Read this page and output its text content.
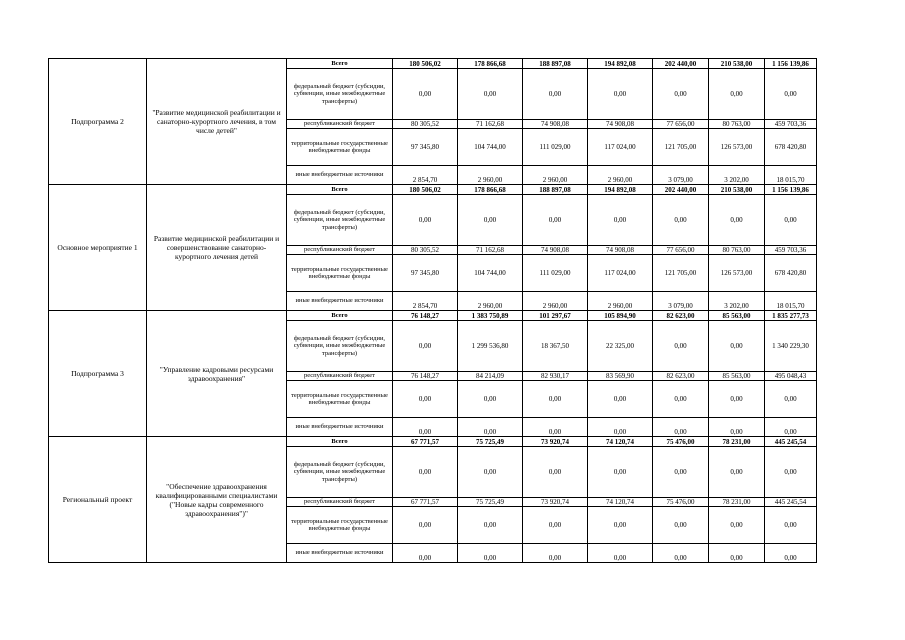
Подпрограмма 2	"Развитие медицинской реабилитации и санаторно-курортного лечения, в том числе детей"	Всего	180 506,02	178 866,68	188 897,08	194 892,08	202 440,00	210 538,00	1 156 139,86
		федеральный бюджет (субсидии, субвенции, иные межбюджетные трансферты)	0,00	0,00	0,00	0,00	0,00	0,00	0,00
		республиканский бюджет	80 305,52	71 162,68	74 908,08	74 908,08	77 656,00	80 763,00	459 703,36
		территориальные государственные внебюджетные фонды	97 345,80	104 744,00	111 029,00	117 024,00	121 705,00	126 573,00	678 420,80
		иные внебюджетные источники	2 854,70	2 960,00	2 960,00	2 960,00	3 079,00	3 202,00	18 015,70
Основное мероприятие 1	Развитие медицинской реабилитации и совершенствование санаторно-курортного лечения детей	Всего	180 506,02	178 866,68	188 897,08	194 892,08	202 440,00	210 538,00	1 156 139,86
		федеральный бюджет (субсидии, субвенции, иные межбюджетные трансферты)	0,00	0,00	0,00	0,00	0,00	0,00	0,00
		республиканский бюджет	80 305,52	71 162,68	74 908,08	74 908,08	77 656,00	80 763,00	459 703,36
		территориальные государственные внебюджетные фонды	97 345,80	104 744,00	111 029,00	117 024,00	121 705,00	126 573,00	678 420,80
		иные внебюджетные источники	2 854,70	2 960,00	2 960,00	2 960,00	3 079,00	3 202,00	18 015,70
Подпрограмма 3	"Управление кадровыми ресурсами здравоохранения"	Всего	76 148,27	1 383 750,89	101 297,67	105 894,90	82 623,00	85 563,00	1 835 277,73
		федеральный бюджет (субсидии, субвенции, иные межбюджетные трансферты)	0,00	1 299 536,80	18 367,50	22 325,00	0,00	0,00	1 340 229,30
		республиканский бюджет	76 148,27	84 214,09	82 930,17	83 569,90	82 623,00	85 563,00	495 048,43
		территориальные государственные внебюджетные фонды	0,00	0,00	0,00	0,00	0,00	0,00	0,00
		иные внебюджетные источники	0,00	0,00	0,00	0,00	0,00	0,00	0,00
Региональный проект	"Обеспечение здравоохранения квалифицированными специалистами ("Новые кадры современного здравоохранения")"	Всего	67 771,57	75 725,49	73 920,74	74 120,74	75 476,00	78 231,00	445 245,54
		федеральный бюджет (субсидии, субвенции, иные межбюджетные трансферты)	0,00	0,00	0,00	0,00	0,00	0,00	0,00
		республиканский бюджет	67 771,57	75 725,49	73 920,74	74 120,74	75 476,00	78 231,00	445 245,54
		территориальные государственные внебюджетные фонды	0,00	0,00	0,00	0,00	0,00	0,00	0,00
		иные внебюджетные источники	0,00	0,00	0,00	0,00	0,00	0,00	0,00
